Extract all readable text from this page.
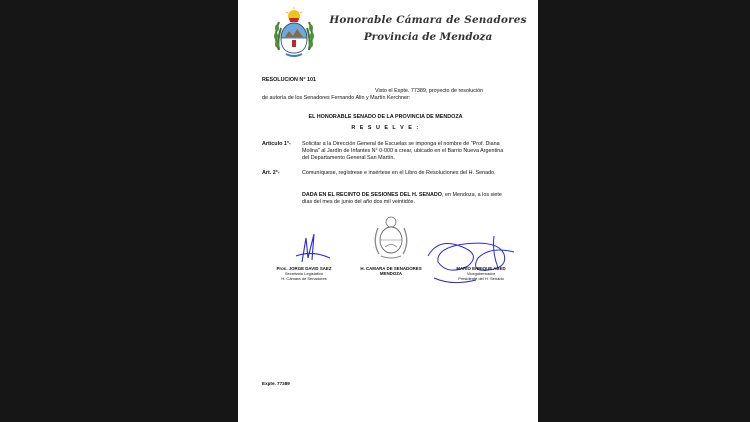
Honorable Cámara de Senadores
Provincia de Mendoza
RESOLUCION N° 101
Visto el Expte. 77389, proyecto de resolución
de autoría de los Senadores Fernando Alin y Martín Kerchner:
EL HONORABLE SENADO DE LA PROVINCIA DE MENDOZA
R E S U E L V E :
Artículo 1°- Solicitar a la Dirección General de Escuelas se imponga el nombre de "Prof. Diana Molina" al Jardín de Infantes N° 0-000 a crear, ubicado en el Barrio Nueva Argentina del Departamento General San Martín.
Art. 2°-	Comuníquese, regístrese e insértese en el Libro de Resoluciones del H. Senado.
DADA EN EL RECINTO DE SESIONES DEL H. SENADO, en Mendoza, a los siete días del mes de junio del año dos mil veintidós.
Proc. JORGE DAVID SAEZ
Secretario Legislativo
H. Cámara de Senadores
H. CAMARA DE SENADORES
MENDOZA
MARIO ENRIQUE ABED
Vicegobernador
Presidente del H. Senado
Expte. 77389
